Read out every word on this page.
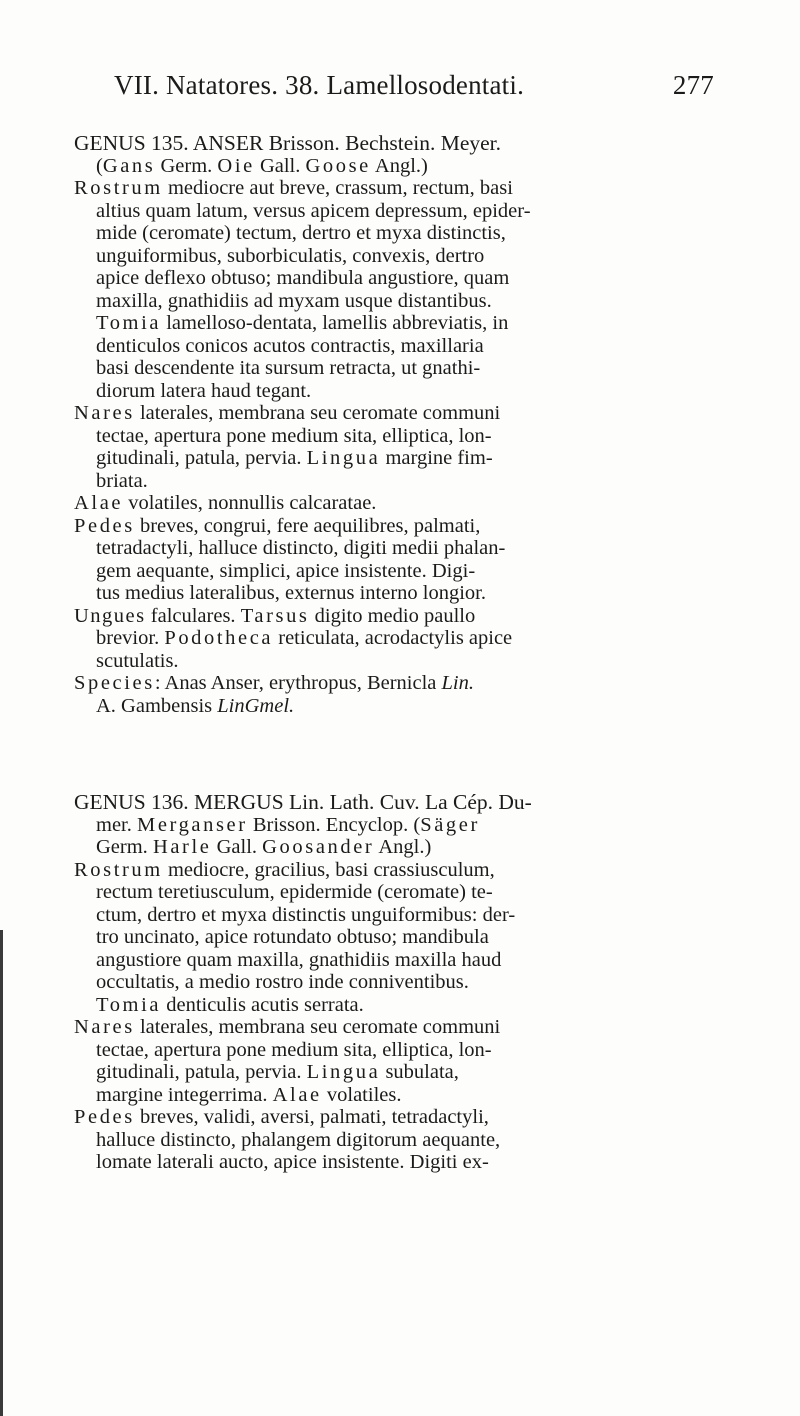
VII. Natatores. 38. Lamellosodentati.	277
GENUS 135. ANSER Brisson. Bechstein. Meyer.
(Gans Germ. Oie Gall. Goose Angl.)
Rostrum mediocre aut breve, crassum, rectum, basi
altius quam latum, versus apicem depressum, epider-
mide (ceromate) tectum, dertro et myxa distinctis,
unguiformibus, suborbiculatis, convexis, dertro
apice deflexo obtuso; mandibula angustiore, quam
maxilla, gnathidiis ad myxam usque distantibus.
Tomia lamelloso-dentata, lamellis abbreviatis, in
denticulos conicos acutos contractis, maxillaria
basi descendente ita sursum retracta, ut gnathi-
diorum latera haud tegant.
Nares laterales, membrana seu ceromate communi
tectae, apertura pone medium sita, elliptica, lon-
gitudinali, patula, pervia. Lingua margine fim-
briata.
Alae volatiles, nonnullis calcaratae.
Pedes breves, congrui, fere aequilibres, palmati,
tetradactyli, halluce distincto, digiti medii phalan-
gem aequante, simplici, apice insistente. Digi-
tus medius lateralibus, externus interno longior.
Ungues falculares. Tarsus digito medio paullo
brevior. Podotheca reticulata, acrodactylis apice
scutulatis.
Species: Anas Anser, erythropus, Bernicla Lin.
A. Gambensis LinGmel.
GENUS 136. MERGUS Lin. Lath. Cuv. La Cép. Du-
mer. Merganser Brisson. Encyclop. (Säger
Germ. Harle Gall. Goosander Angl.)
Rostrum mediocre, gracilius, basi crassiusculum,
rectum teretiusculum, epidermide (ceromate) te-
ctum, dertro et myxa distinctis unguiformibus: der-
tro uncinato, apice rotundato obtuso; mandibula
angustiore quam maxilla, gnathidiis maxilla haud
occultatis, a medio rostro inde conniventibus.
Tomia denticulis acutis serrata.
Nares laterales, membrana seu ceromate communi
tectae, apertura pone medium sita, elliptica, lon-
gitudinali, patula, pervia. Lingua subulata,
margine integerrima. Alae volatiles.
Pedes breves, validi, aversi, palmati, tetradactyli,
halluce distincto, phalangem digitorum aequante,
lomate laterali aucto, apice insistente. Digiti ex-
